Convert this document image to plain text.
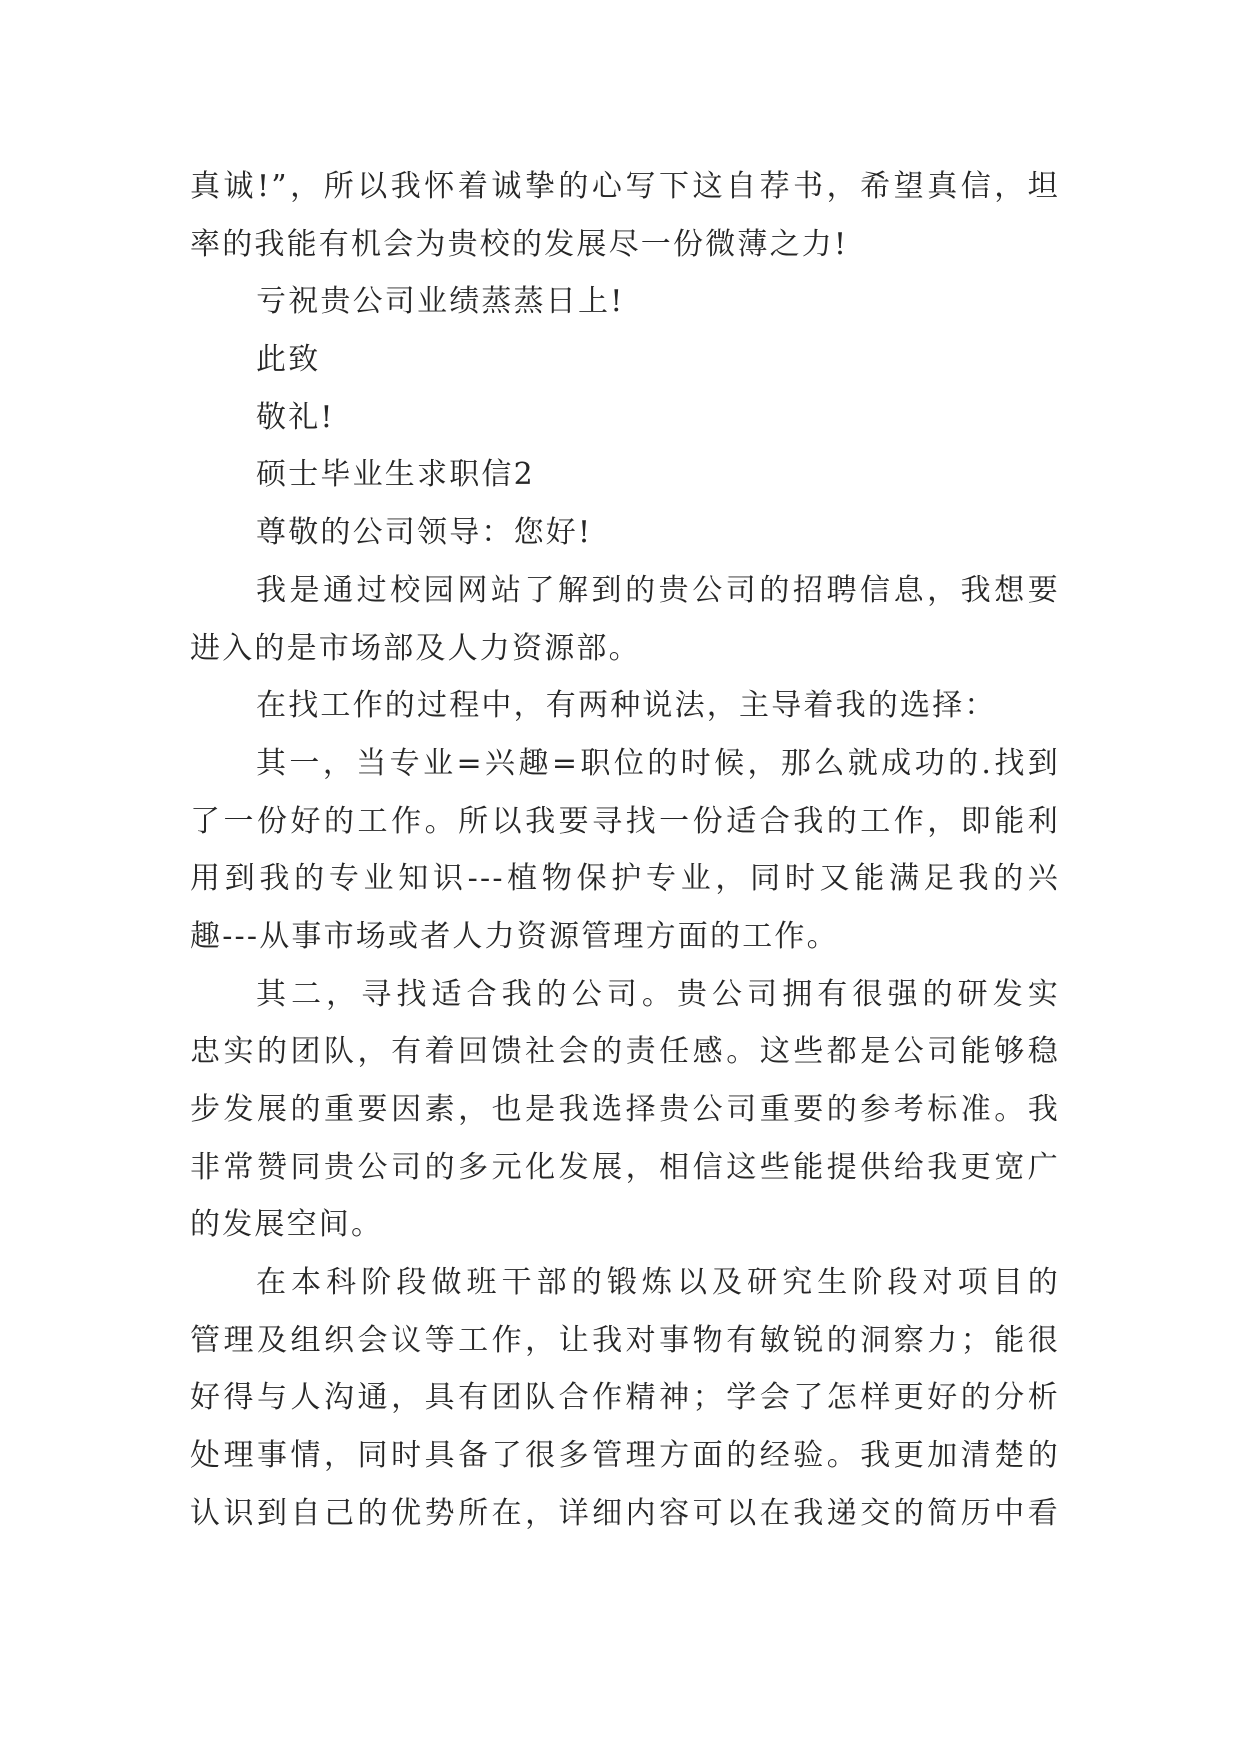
真诚!”，所以我怀着诚挚的心写下这自荐书，希望真信，坦
率的我能有机会为贵校的发展尽一份微薄之力!
亏祝贵公司业绩蒸蒸日上!
此致
敬礼!
硕士毕业生求职信2
尊敬的公司领导：您好!
我是通过校园网站了解到的贵公司的招聘信息，我想要
进入的是市场部及人力资源部。
在找工作的过程中，有两种说法，主导着我的选择：
其一，当专业=兴趣=职位的时候，那么就成功的.找到
了一份好的工作。所以我要寻找一份适合我的工作，即能利
用到我的专业知识---植物保护专业，同时又能满足我的兴
趣---从事市场或者人力资源管理方面的工作。
其二，寻找适合我的公司。贵公司拥有很强的研发实
忠实的团队，有着回馈社会的责任感。这些都是公司能够稳
步发展的重要因素，也是我选择贵公司重要的参考标准。我
非常赞同贵公司的多元化发展，相信这些能提供给我更宽广
的发展空间。
在本科阶段做班干部的锻炼以及研究生阶段对项目的
管理及组织会议等工作，让我对事物有敏锐的洞察力；能很
好得与人沟通，具有团队合作精神；学会了怎样更好的分析
处理事情，同时具备了很多管理方面的经验。我更加清楚的
认识到自己的优势所在，详细内容可以在我递交的简历中看
